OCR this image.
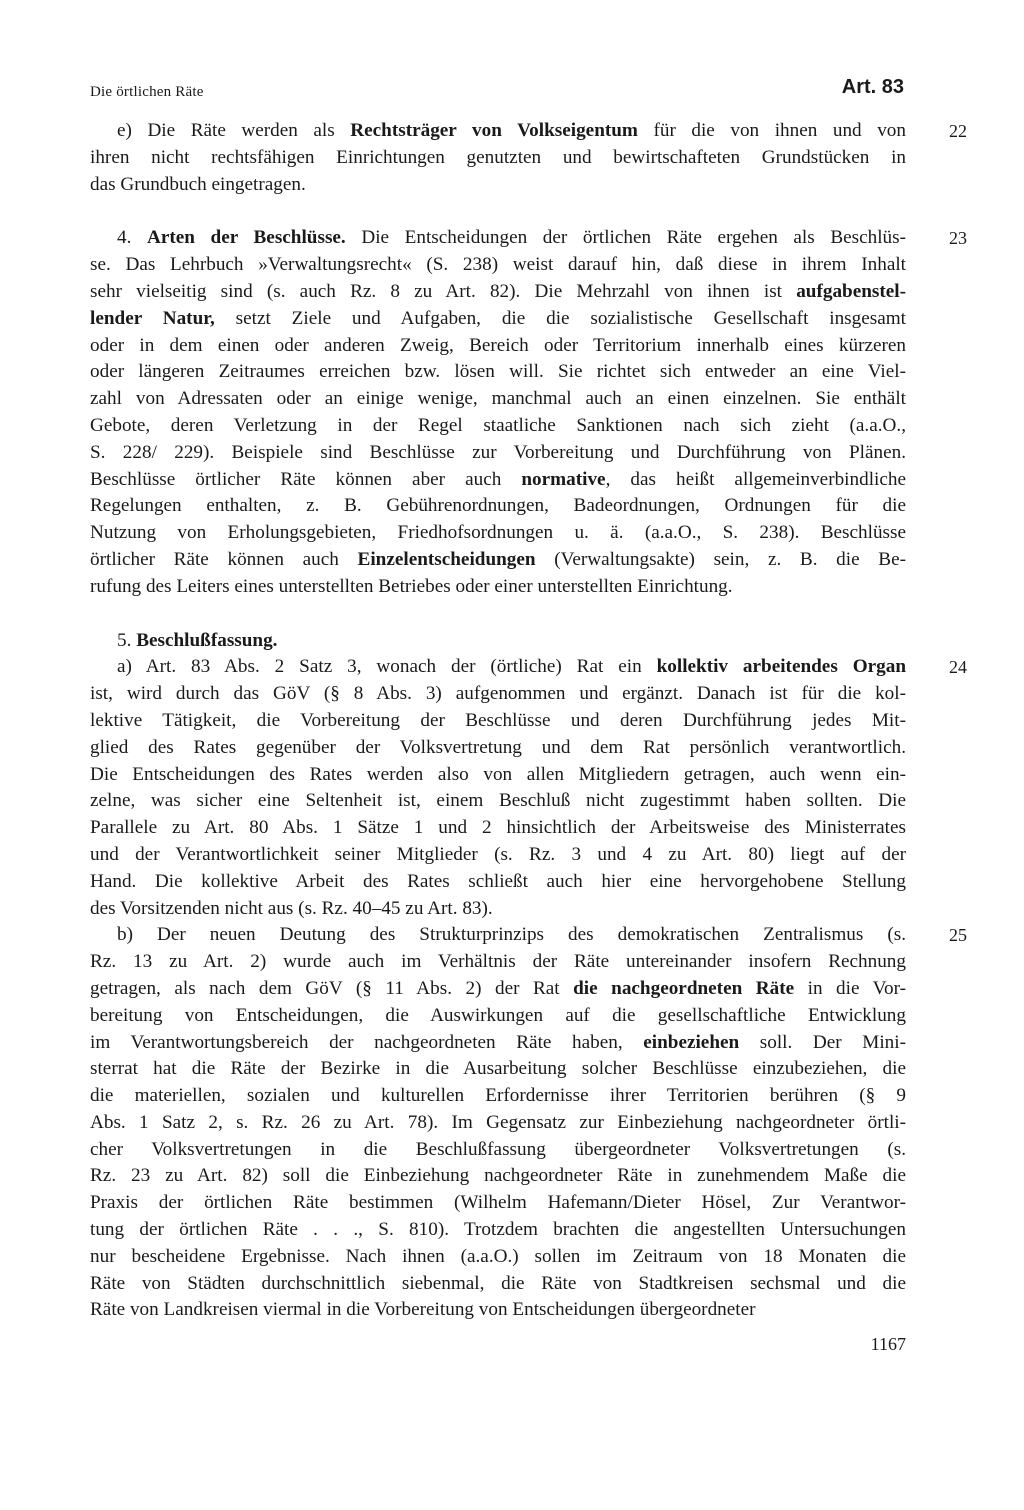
Die örtlichen Räte	Art. 83
22
e) Die Räte werden als Rechtsträger von Volkseigentum für die von ihnen und von
ihren nicht rechtsfähigen Einrichtungen genutzten und bewirtschafteten Grundstücken in
das Grundbuch eingetragen.
23
4. Arten der Beschlüsse. Die Entscheidungen der örtlichen Räte ergehen als Beschlüs-
se. Das Lehrbuch »Verwaltungsrecht« (S. 238) weist darauf hin, daß diese in ihrem Inhalt
sehr vielseitig sind (s. auch Rz. 8 zu Art. 82). Die Mehrzahl von ihnen ist aufgabenstel-
lender Natur, setzt Ziele und Aufgaben, die die sozialistische Gesellschaft insgesamt
oder in dem einen oder anderen Zweig, Bereich oder Territorium innerhalb eines kürzeren
oder längeren Zeitraumes erreichen bzw. lösen will. Sie richtet sich entweder an eine Viel-
zahl von Adressaten oder an einige wenige, manchmal auch an einen einzelnen. Sie enthält
Gebote, deren Verletzung in der Regel staatliche Sanktionen nach sich zieht (a.a.O.,
S. 228/ 229). Beispiele sind Beschlüsse zur Vorbereitung und Durchführung von Plänen.
Beschlüsse örtlicher Räte können aber auch normative, das heißt allgemeinverbindliche
Regelungen enthalten, z. B. Gebührenordnungen, Badeordnungen, Ordnungen für die
Nutzung von Erholungsgebieten, Friedhofsordnungen u. ä. (a.a.O., S. 238). Beschlüsse
örtlicher Räte können auch Einzelentscheidungen (Verwaltungsakte) sein, z. B. die Be-
rufung des Leiters eines unterstellten Betriebes oder einer unterstellten Einrichtung.
5. Beschlußfassung.
24
a) Art. 83 Abs. 2 Satz 3, wonach der (örtliche) Rat ein kollektiv arbeitendes Organ
ist, wird durch das GöV (§ 8 Abs. 3) aufgenommen und ergänzt. Danach ist für die kol-
lektive Tätigkeit, die Vorbereitung der Beschlüsse und deren Durchführung jedes Mit-
glied des Rates gegenüber der Volksvertretung und dem Rat persönlich verantwortlich.
Die Entscheidungen des Rates werden also von allen Mitgliedern getragen, auch wenn ein-
zelne, was sicher eine Seltenheit ist, einem Beschluß nicht zugestimmt haben sollten. Die
Parallele zu Art. 80 Abs. 1 Sätze 1 und 2 hinsichtlich der Arbeitsweise des Ministerrates
und der Verantwortlichkeit seiner Mitglieder (s. Rz. 3 und 4 zu Art. 80) liegt auf der
Hand. Die kollektive Arbeit des Rates schließt auch hier eine hervorgehobene Stellung
des Vorsitzenden nicht aus (s. Rz. 40–45 zu Art. 83).
25
b) Der neuen Deutung des Strukturprinzips des demokratischen Zentralismus (s.
Rz. 13 zu Art. 2) wurde auch im Verhältnis der Räte untereinander insofern Rechnung
getragen, als nach dem GöV (§ 11 Abs. 2) der Rat die nachgeordneten Räte in die Vor-
bereitung von Entscheidungen, die Auswirkungen auf die gesellschaftliche Entwicklung
im Verantwortungsbereich der nachgeordneten Räte haben, einbeziehen soll. Der Mini-
sterrat hat die Räte der Bezirke in die Ausarbeitung solcher Beschlüsse einzubeziehen, die
die materiellen, sozialen und kulturellen Erfordernisse ihrer Territorien berühren (§ 9
Abs. 1 Satz 2, s. Rz. 26 zu Art. 78). Im Gegensatz zur Einbeziehung nachgeordneter örtli-
cher Volksvertretungen in die Beschlußfassung übergeordneter Volksvertretungen (s.
Rz. 23 zu Art. 82) soll die Einbeziehung nachgeordneter Räte in zunehmendem Maße die
Praxis der örtlichen Räte bestimmen (Wilhelm Hafemann/Dieter Hösel, Zur Verantwor-
tung der örtlichen Räte . . ., S. 810). Trotzdem brachten die angestellten Untersuchungen
nur bescheidene Ergebnisse. Nach ihnen (a.a.O.) sollen im Zeitraum von 18 Monaten die
Räte von Städten durchschnittlich siebenmal, die Räte von Stadtkreisen sechsmal und die
Räte von Landkreisen viermal in die Vorbereitung von Entscheidungen übergeordneter
1167
